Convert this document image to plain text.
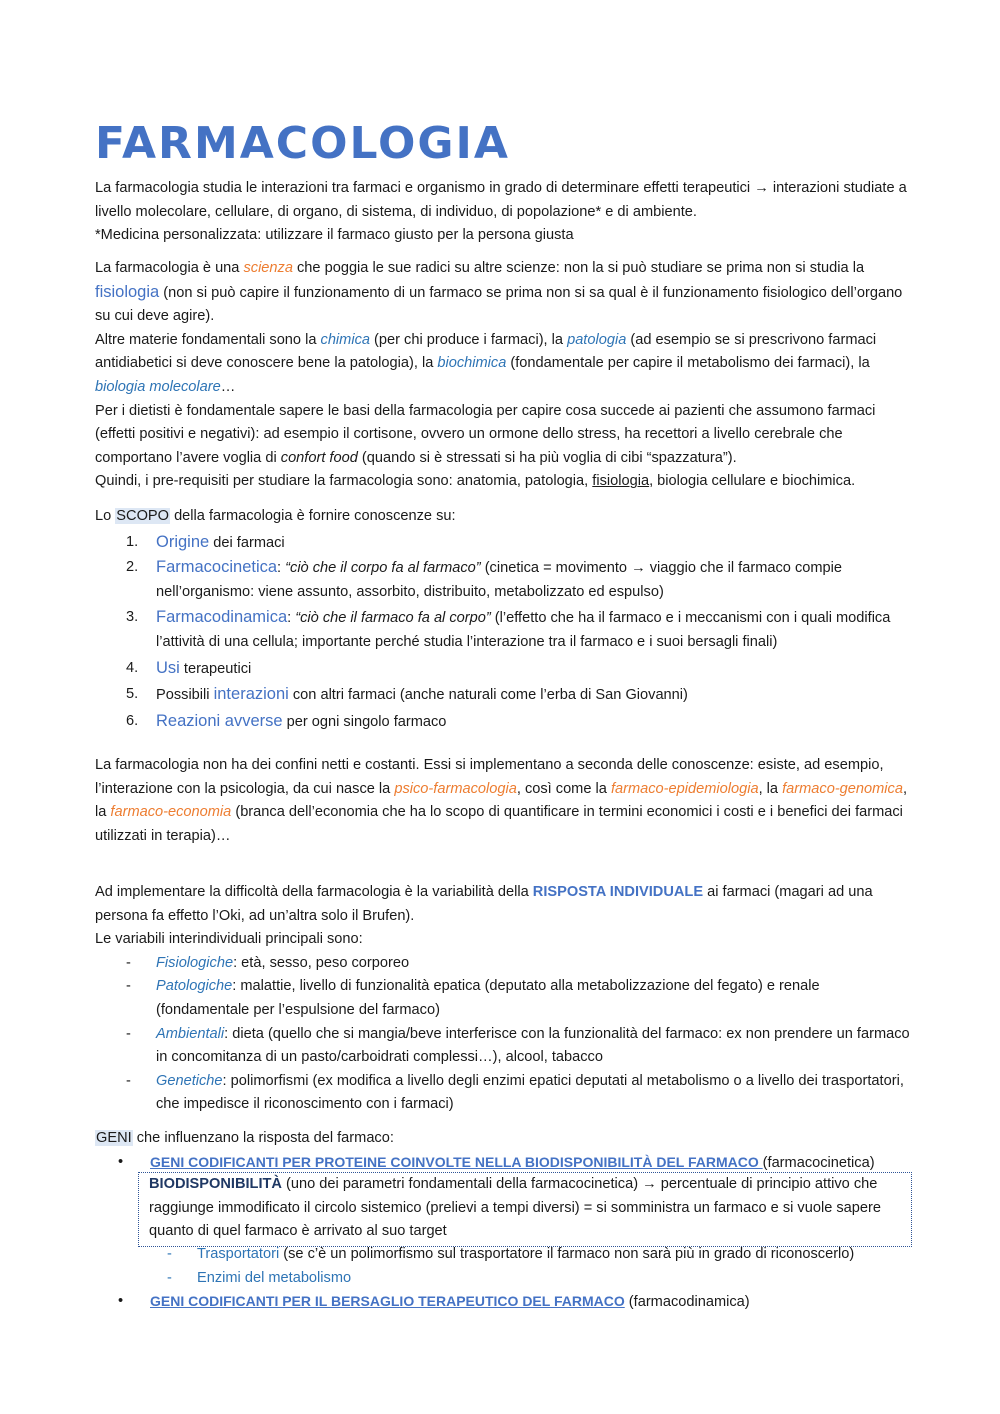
FARMACOLOGIA

La farmacologia studia le interazioni tra farmaci e organismo in grado di determinare effetti terapeutici → interazioni studiate a livello molecolare, cellulare, di organo, di sistema, di individuo, di popolazione* e di ambiente.

*Medicina personalizzata: utilizzare il farmaco giusto per la persona giusta

La farmacologia è una scienza che poggia le sue radici su altre scienze: non la si può studiare se prima non si studia la fisiologia (non si può capire il funzionamento di un farmaco se prima non si sa qual è il funzionamento fisiologico dell’organo su cui deve agire).
Altre materie fondamentali sono la chimica (per chi produce i farmaci), la patologia (ad esempio se si prescrivono farmaci antidiabetici si deve conoscere bene la patologia), la biochimica (fondamentale per capire il metabolismo dei farmaci), la biologia molecolare…
Per i dietisti è fondamentale sapere le basi della farmacologia per capire cosa succede ai pazienti che assumono farmaci (effetti positivi e negativi): ad esempio il cortisone, ovvero un ormone dello stress, ha recettori a livello cerebrale che comportano l’avere voglia di confort food (quando si è stressati si ha più voglia di cibi “spazzatura”).
Quindi, i pre-requisiti per studiare la farmacologia sono: anatomia, patologia, fisiologia, biologia cellulare e biochimica.

Lo SCOPO della farmacologia è fornire conoscenze su:

1. Origine dei farmaci
2. Farmacocinetica: “ciò che il corpo fa al farmaco” (cinetica = movimento → viaggio che il farmaco compie nell’organismo: viene assunto, assorbito, distribuito, metabolizzato ed espulso)
3. Farmacodinamica: “ciò che il farmaco fa al corpo” (l’effetto che ha il farmaco e i meccanismi con i quali modifica l’attività di una cellula; importante perché studia l’interazione tra il farmaco e i suoi bersagli finali)
4. Usi terapeutici
5. Possibili interazioni con altri farmaci (anche naturali come l’erba di San Giovanni)
6. Reazioni avverse per ogni singolo farmaco

La farmacologia non ha dei confini netti e costanti. Essi si implementano a seconda delle conoscenze: esiste, ad esempio, l’interazione con la psicologia, da cui nasce la psico-farmacologia, così come la farmaco-epidemiologia, la farmaco-genomica, la farmaco-economia (branca dell’economia che ha lo scopo di quantificare in termini economici i costi e i benefici dei farmaci utilizzati in terapia)…

Ad implementare la difficoltà della farmacologia è la variabilità della RISPOSTA INDIVIDUALE ai farmaci (magari ad una persona fa effetto l’Oki, ad un’altra solo il Brufen).
Le variabili interindividuali principali sono:

- Fisiologiche: età, sesso, peso corporeo
- Patologiche: malattie, livello di funzionalità epatica (deputato alla metabolizzazione del fegato) e renale (fondamentale per l’espulsione del farmaco)
- Ambientali: dieta (quello che si mangia/beve interferisce con la funzionalità del farmaco: ex non prendere un farmaco in concomitanza di un pasto/carboidrati complessi…), alcool, tabacco
- Genetiche: polimorfismi (ex modifica a livello degli enzimi epatici deputati al metabolismo o a livello dei trasportatori, che impedisce il riconoscimento con i farmaci)

GENI che influenzano la risposta del farmaco:

• GENI CODIFICANTI PER PROTEINE COINVOLTE NELLA BIODISPONIBILITÀ DEL FARMACO (farmacocinetica)

BIODISPONIBILITÀ (uno dei parametri fondamentali della farmacocinetica) → percentuale di principio attivo che raggiunge immodificato il circolo sistemico (prelievi a tempi diversi) = si somministra un farmaco e si vuole sapere quanto di quel farmaco è arrivato al suo target

- Trasportatori (se c’è un polimorfismo sul trasportatore il farmaco non sarà più in grado di riconoscerlo)
- Enzimi del metabolismo
• GENI CODIFICANTI PER IL BERSAGLIO TERAPEUTICO DEL FARMACO (farmacodinamica)
